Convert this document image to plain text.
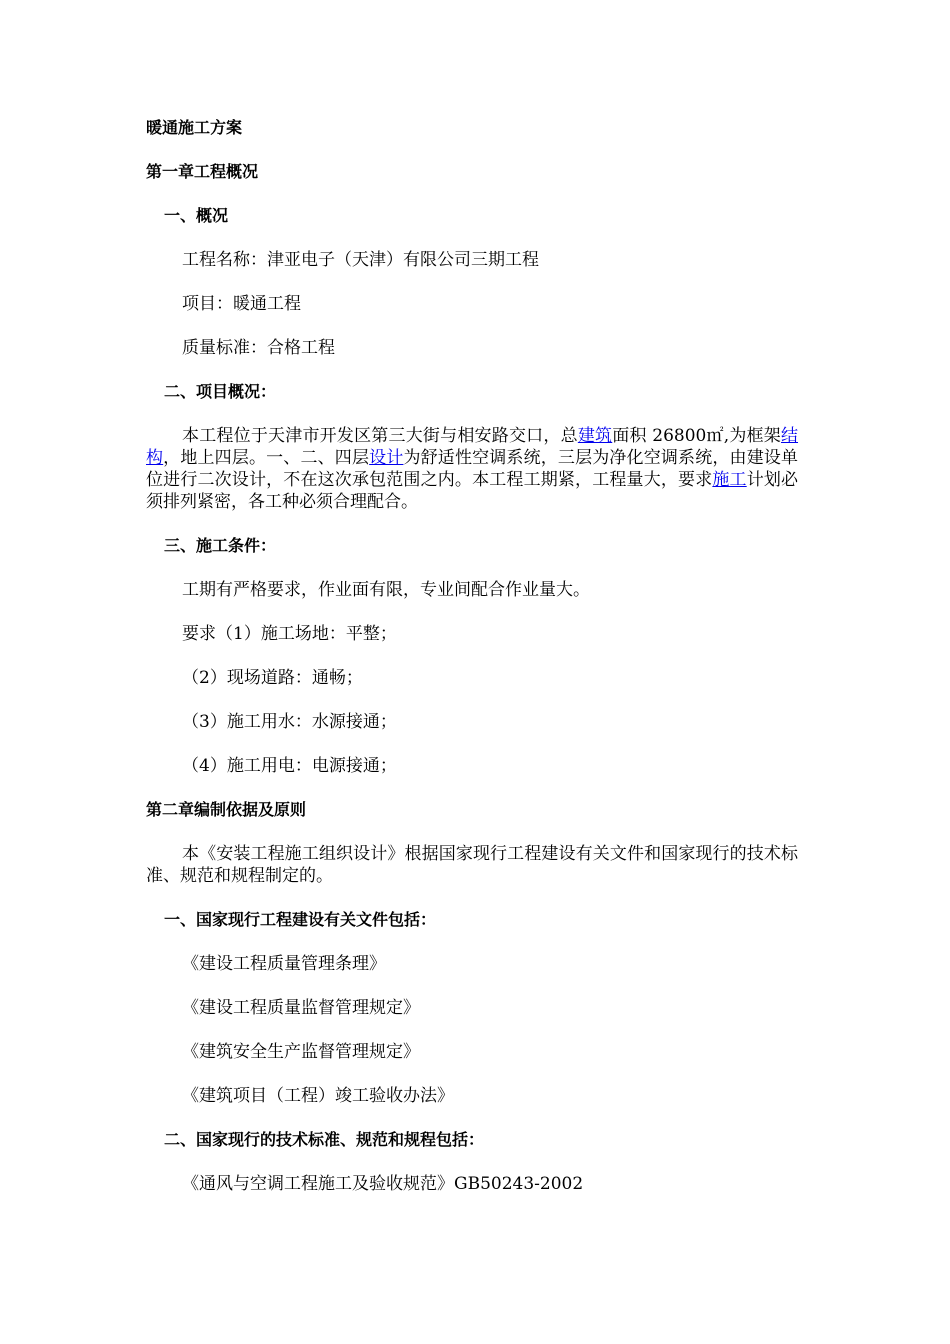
暖通施工方案
第一章工程概况
一、概况
工程名称：津亚电子（天津）有限公司三期工程
项目：暖通工程
质量标准：合格工程
二、项目概况：
本工程位于天津市开发区第三大街与相安路交口，总建筑面积 26800㎡,为框架结构，地上四层。一、二、四层设计为舒适性空调系统，三层为净化空调系统，由建设单位进行二次设计，不在这次承包范围之内。本工程工期紧，工程量大，要求施工计划必须排列紧密，各工种必须合理配合。
三、施工条件：
工期有严格要求，作业面有限，专业间配合作业量大。
要求（1）施工场地：平整；
（2）现场道路：通畅；
（3）施工用水：水源接通；
（4）施工用电：电源接通；
第二章编制依据及原则
本《安装工程施工组织设计》根据国家现行工程建设有关文件和国家现行的技术标准、规范和规程制定的。
一、国家现行工程建设有关文件包括：
《建设工程质量管理条理》
《建设工程质量监督管理规定》
《建筑安全生产监督管理规定》
《建筑项目（工程）竣工验收办法》
二、国家现行的技术标准、规范和规程包括：
《通风与空调工程施工及验收规范》GB50243-2002
